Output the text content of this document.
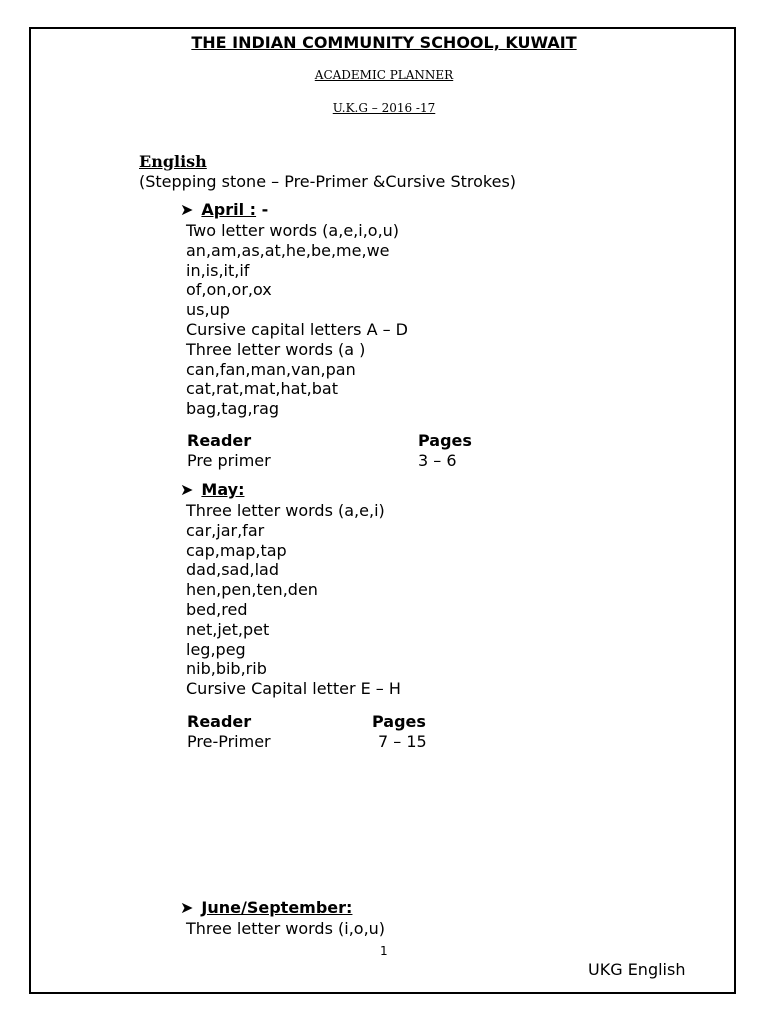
THE INDIAN COMMUNITY SCHOOL, KUWAIT
ACADEMIC PLANNER
U.K.G – 2016 -17
English
(Stepping stone – Pre-Primer &Cursive Strokes)
➤ April : -
Two letter words (a,e,i,o,u)
an,am,as,at,he,be,me,we
in,is,it,if
of,on,or,ox
us,up
Cursive capital letters A – D
Three letter words (a )
can,fan,man,van,pan
cat,rat,mat,hat,bat
bag,tag,rag
Reader	Pages
Pre primer	3 – 6
➤ May:
Three letter words (a,e,i)
car,jar,far
cap,map,tap
dad,sad,lad
hen,pen,ten,den
bed,red
net,jet,pet
leg,peg
nib,bib,rib
Cursive Capital letter E – H
Reader	Pages
Pre-Primer	7 – 15
➤ June/September:
Three letter words (i,o,u)
1
UKG English
